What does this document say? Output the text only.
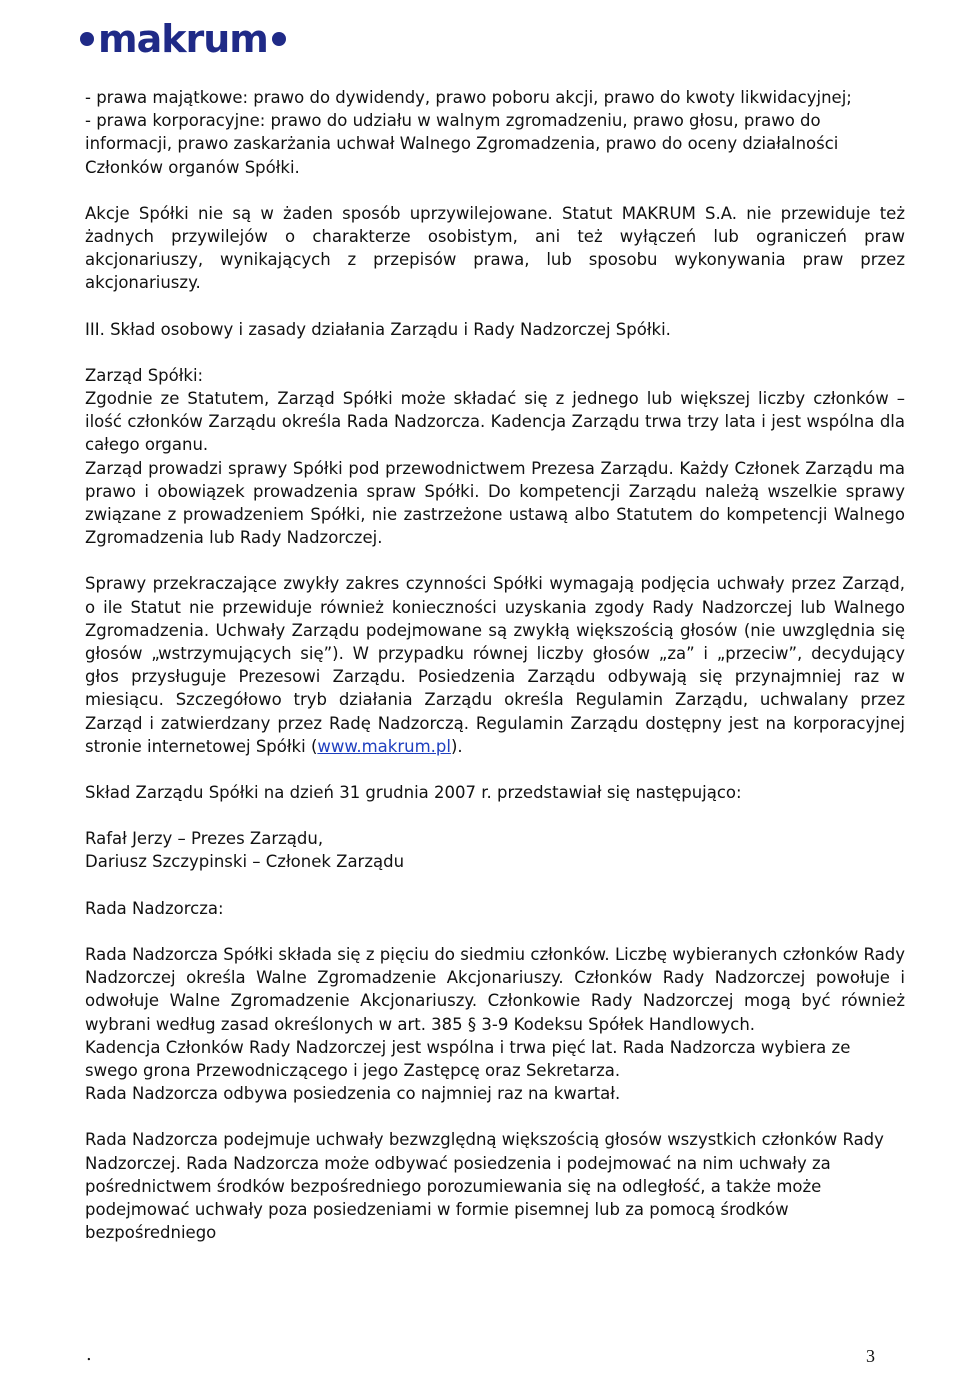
makrum

- prawa majątkowe: prawo do dywidendy, prawo poboru akcji, prawo do kwoty likwidacyjnej;

- prawa korporacyjne: prawo do udziału w walnym zgromadzeniu, prawo głosu, prawo do informacji, prawo zaskarżania uchwał Walnego Zgromadzenia, prawo do oceny działalności Członków organów Spółki.

Akcje Spółki nie są w żaden sposób uprzywilejowane. Statut MAKRUM S.A. nie przewiduje też żadnych przywilejów o charakterze osobistym, ani też wyłączeń lub ograniczeń praw akcjonariuszy, wynikających z przepisów prawa, lub sposobu wykonywania praw przez akcjonariuszy.

III. Skład osobowy i zasady działania Zarządu i Rady Nadzorczej Spółki.

Zarząd Spółki:

Zgodnie ze Statutem, Zarząd Spółki może składać się z jednego lub większej liczby członków – ilość członków Zarządu określa Rada Nadzorcza. Kadencja Zarządu trwa trzy lata i jest wspólna dla całego organu.

Zarząd prowadzi sprawy Spółki pod przewodnictwem Prezesa Zarządu. Każdy Członek Zarządu ma prawo i obowiązek prowadzenia spraw Spółki. Do kompetencji Zarządu należą wszelkie sprawy związane z prowadzeniem Spółki, nie zastrzeżone ustawą albo Statutem do kompetencji Walnego Zgromadzenia lub Rady Nadzorczej.

Sprawy przekraczające zwykły zakres czynności Spółki wymagają podjęcia uchwały przez Zarząd, o ile Statut nie przewiduje również konieczności uzyskania zgody Rady Nadzorczej lub Walnego Zgromadzenia. Uchwały Zarządu podejmowane są zwykłą większością głosów (nie uwzględnia się głosów „wstrzymujących się”). W przypadku równej liczby głosów „za” i „przeciw”, decydujący głos przysługuje Prezesowi Zarządu. Posiedzenia Zarządu odbywają się przynajmniej raz w miesiącu. Szczegółowo tryb działania Zarządu określa Regulamin Zarządu, uchwalany przez Zarząd i zatwierdzany przez Radę Nadzorczą. Regulamin Zarządu dostępny jest na korporacyjnej stronie internetowej Spółki (www.makrum.pl).

Skład Zarządu Spółki na dzień 31 grudnia 2007 r. przedstawiał się następująco:

Rafał Jerzy – Prezes Zarządu,

Dariusz Szczypinski – Członek Zarządu

Rada Nadzorcza:

Rada Nadzorcza Spółki składa się z pięciu do siedmiu członków. Liczbę wybieranych członków Rady Nadzorczej określa Walne Zgromadzenie Akcjonariuszy. Członków Rady Nadzorczej powołuje i odwołuje Walne Zgromadzenie Akcjonariuszy. Członkowie Rady Nadzorczej mogą być również wybrani według zasad określonych w art. 385 § 3-9 Kodeksu Spółek Handlowych.

Kadencja Członków Rady Nadzorczej jest wspólna i trwa pięć lat. Rada Nadzorcza wybiera ze swego grona Przewodniczącego i jego Zastępcę oraz Sekretarza.

Rada Nadzorcza odbywa posiedzenia co najmniej raz na kwartał.

Rada Nadzorcza podejmuje uchwały bezwzględną większością głosów wszystkich członków Rady Nadzorczej. Rada Nadzorcza może odbywać posiedzenia i podejmować na nim uchwały za pośrednictwem środków bezpośredniego porozumiewania się na odległość, a także może podejmować uchwały poza posiedzeniami w formie pisemnej lub za pomocą środków bezpośredniego

.	3
